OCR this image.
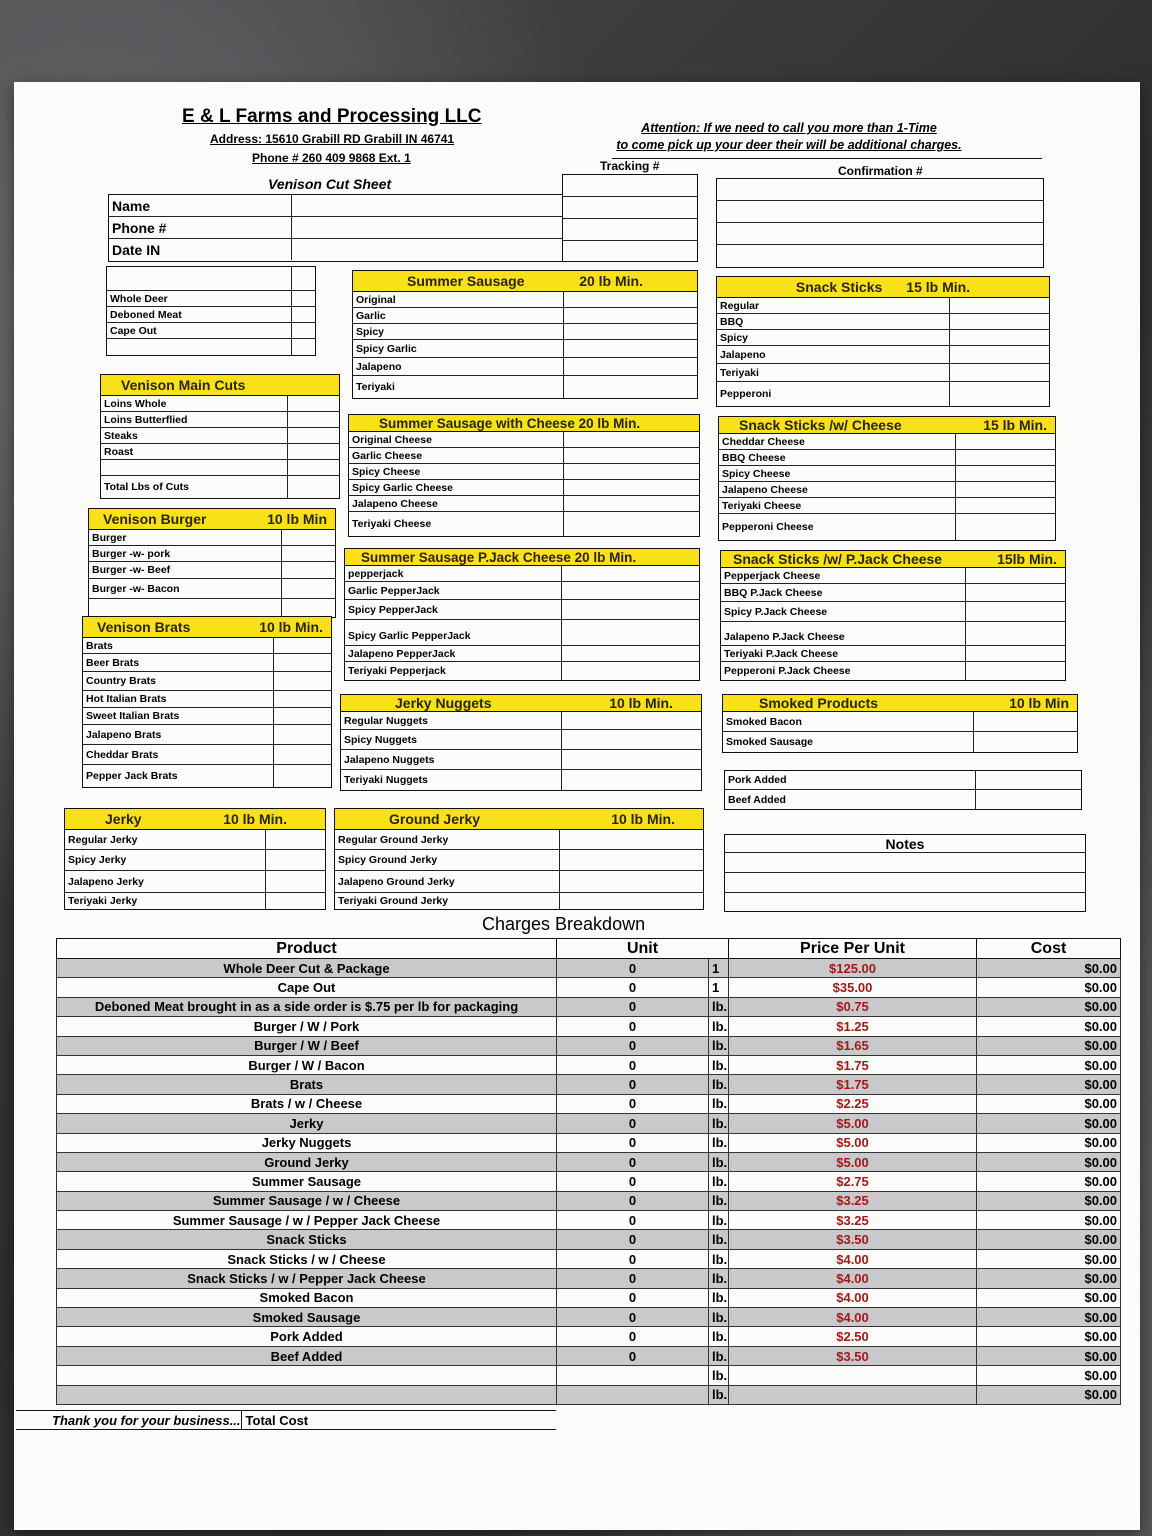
E & L Farms and Processing LLC
Address: 15610 Grabill RD Grabill IN 46741
Phone # 260 409 9868 Ext. 1
Attention: If we need to call you more than 1-Time
to come pick up your deer their will be additional charges.
Tracking #	Confirmation #
Venison Cut Sheet
Name
Phone #
Date IN
Whole Deer
Deboned Meat
Cape Out
Venison Main Cuts
Loins Whole
Loins Butterflied
Steaks
Roast
Total Lbs of Cuts
Venison Burger	10 lb Min
Burger
Burger -w- pork
Burger -w- Beef
Burger -w- Bacon
Venison Brats	10 lb Min.
Brats
Beer Brats
Country Brats
Hot Italian Brats
Sweet Italian Brats
Jalapeno Brats
Cheddar Brats
Pepper Jack Brats
Jerky	10 lb Min.
Regular Jerky
Spicy Jerky
Jalapeno Jerky
Teriyaki Jerky
Summer Sausage	20 lb Min.
Original
Garlic
Spicy
Spicy Garlic
Jalapeno
Teriyaki
Summer Sausage with Cheese 20 lb Min.
Original Cheese
Garlic Cheese
Spicy Cheese
Spicy Garlic Cheese
Jalapeno Cheese
Teriyaki Cheese
Summer Sausage P.Jack Cheese 20 lb Min.
pepperjack
Garlic PepperJack
Spicy PepperJack
Spicy Garlic PepperJack
Jalapeno PepperJack
Teriyaki Pepperjack
Jerky Nuggets	10 lb Min.
Regular Nuggets
Spicy Nuggets
Jalapeno Nuggets
Teriyaki Nuggets
Ground Jerky	10 lb Min.
Regular Ground Jerky
Spicy Ground Jerky
Jalapeno Ground Jerky
Teriyaki Ground Jerky
Snack Sticks 15 lb Min.
Regular
BBQ
Spicy
Jalapeno
Teriyaki
Pepperoni
Snack Sticks /w/ Cheese	15 lb Min.
Cheddar Cheese
BBQ Cheese
Spicy Cheese
Jalapeno Cheese
Teriyaki Cheese
Pepperoni Cheese
Snack Sticks /w/ P.Jack Cheese	15lb Min.
Pepperjack Cheese
BBQ P.Jack Cheese
Spicy P.Jack Cheese
Jalapeno P.Jack Cheese
Teriyaki P.Jack Cheese
Pepperoni P.Jack Cheese
Smoked Products	10 lb Min
Smoked Bacon
Smoked Sausage
Pork Added
Beef Added
Notes
Charges Breakdown
Product	Unit		Price Per Unit	Cost
Whole Deer Cut & Package	0	1	$125.00	$0.00
Cape Out	0	1	$35.00	$0.00
Deboned Meat brought in as a side order is $.75 per lb for packaging	0	lb.	$0.75	$0.00
Burger / W / Pork	0	lb.	$1.25	$0.00
Burger / W / Beef	0	lb.	$1.65	$0.00
Burger / W / Bacon	0	lb.	$1.75	$0.00
Brats	0	lb.	$1.75	$0.00
Brats / w / Cheese	0	lb.	$2.25	$0.00
Jerky	0	lb.	$5.00	$0.00
Jerky Nuggets	0	lb.	$5.00	$0.00
Ground Jerky	0	lb.	$5.00	$0.00
Summer Sausage	0	lb.	$2.75	$0.00
Summer Sausage / w / Cheese	0	lb.	$3.25	$0.00
Summer Sausage / w / Pepper Jack Cheese	0	lb.	$3.25	$0.00
Snack Sticks	0	lb.	$3.50	$0.00
Snack Sticks / w / Cheese	0	lb.	$4.00	$0.00
Snack Sticks / w / Pepper Jack Cheese	0	lb.	$4.00	$0.00
Smoked Bacon	0	lb.	$4.00	$0.00
Smoked Sausage	0	lb.	$4.00	$0.00
Pork Added	0	lb.	$2.50	$0.00
Beef Added	0	lb.	$3.50	$0.00
		lb.		$0.00
		lb.		$0.00
Thank you for your business... Total Cost
